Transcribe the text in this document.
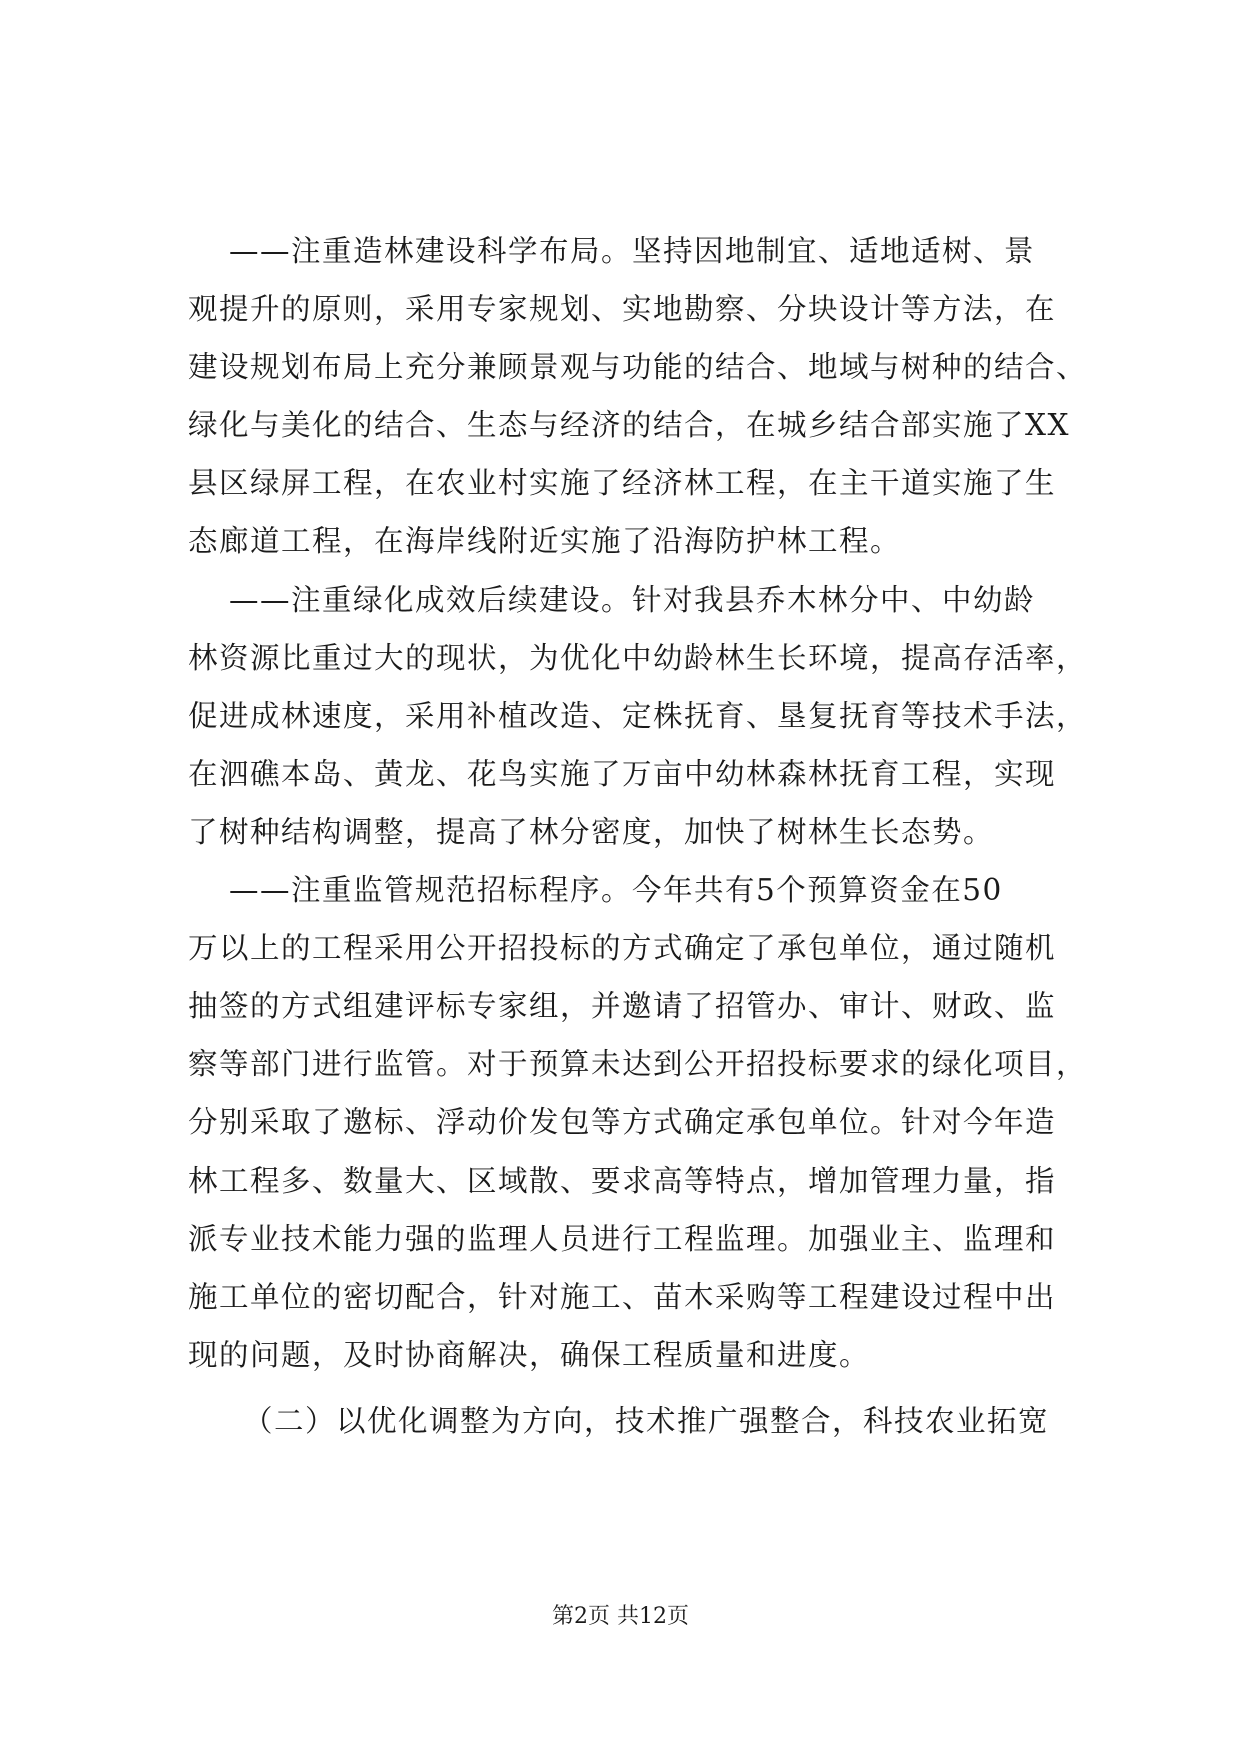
——注重造林建设科学布局。坚持因地制宜、适地适树、景
观提升的原则，采用专家规划、实地勘察、分块设计等方法，在
建设规划布局上充分兼顾景观与功能的结合、地域与树种的结合、
绿化与美化的结合、生态与经济的结合，在城乡结合部实施了XX
县区绿屏工程，在农业村实施了经济林工程，在主干道实施了生
态廊道工程，在海岸线附近实施了沿海防护林工程。
——注重绿化成效后续建设。针对我县乔木林分中、中幼龄
林资源比重过大的现状，为优化中幼龄林生长环境，提高存活率，
促进成林速度，采用补植改造、定株抚育、垦复抚育等技术手法，
在泗礁本岛、黄龙、花鸟实施了万亩中幼林森林抚育工程，实现
了树种结构调整，提高了林分密度，加快了树林生长态势。
——注重监管规范招标程序。今年共有5个预算资金在50
万以上的工程采用公开招投标的方式确定了承包单位，通过随机
抽签的方式组建评标专家组，并邀请了招管办、审计、财政、监
察等部门进行监管。对于预算未达到公开招投标要求的绿化项目，
分别采取了邀标、浮动价发包等方式确定承包单位。针对今年造
林工程多、数量大、区域散、要求高等特点，增加管理力量，指
派专业技术能力强的监理人员进行工程监理。加强业主、监理和
施工单位的密切配合，针对施工、苗木采购等工程建设过程中出
现的问题，及时协商解决，确保工程质量和进度。
（二）以优化调整为方向，技术推广强整合，科技农业拓宽
第2页 共12页
